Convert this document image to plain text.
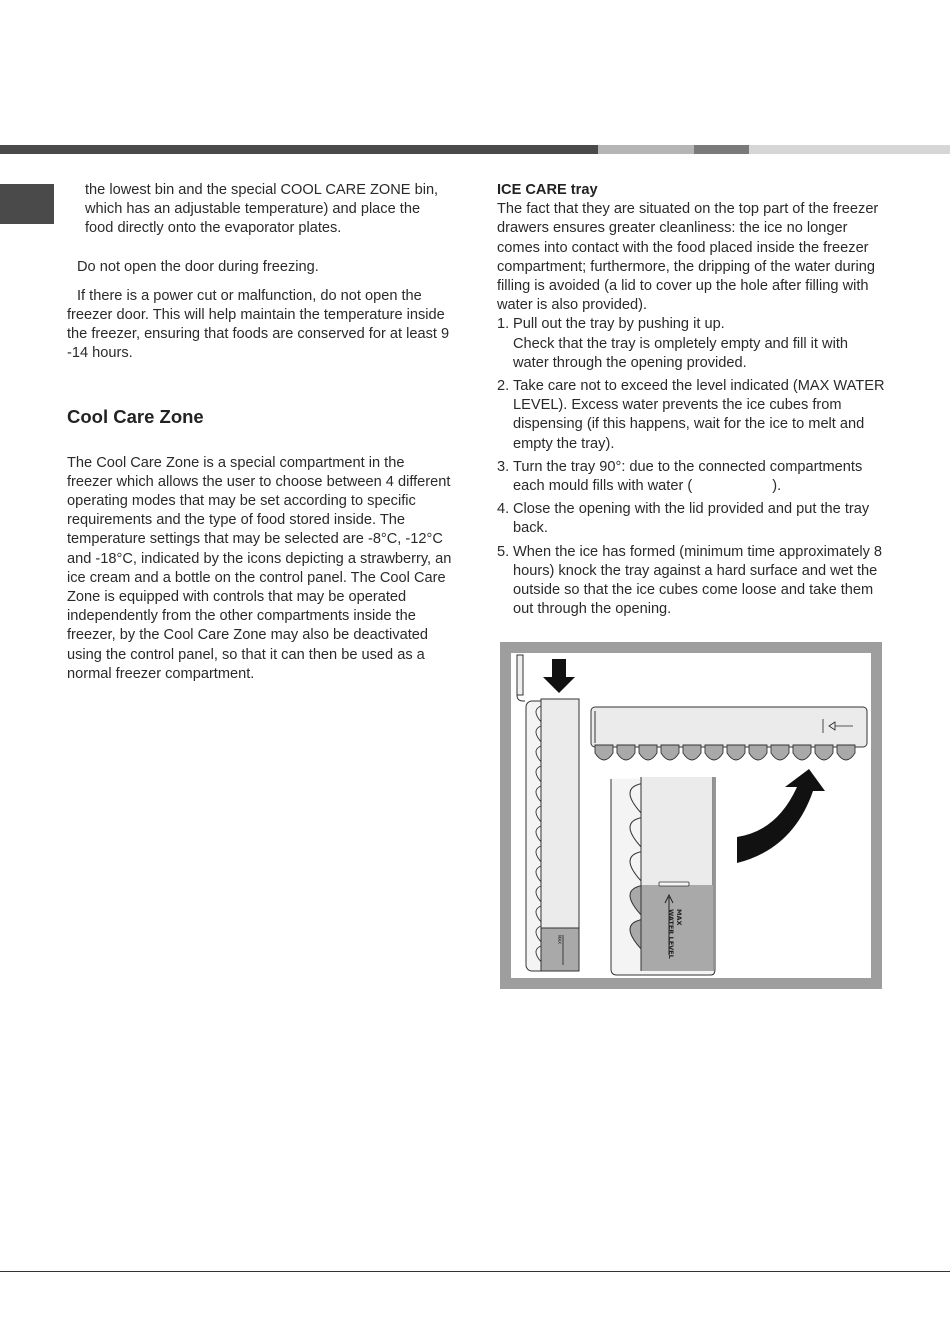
the lowest bin and the special COOL CARE ZONE bin, which has an adjustable temperature) and place the food directly onto the evaporator plates.

Do not open the door during freezing.

If there is a power cut or malfunction, do not open the freezer door. This will help maintain the temperature inside the freezer, ensuring that foods are conserved for at least 9 -14 hours.

Cool Care Zone

The Cool Care Zone is a special compartment in the freezer which allows the user to choose between 4 different operating modes that may be set according to specific requirements and the type of food stored inside. The temperature settings that may be selected are -8°C, -12°C and -18°C, indicated by the icons depicting a strawberry, an ice cream and a bottle on the control panel. The Cool Care Zone is equipped with controls that may be operated independently from the other compartments inside the freezer, by the Cool Care Zone may also be deactivated using the control panel, so that it can then be used as a normal freezer compartment.

ICE CARE tray

The fact that they are situated on the top part of the freezer drawers ensures greater cleanliness: the ice no longer comes into contact with the food placed inside the freezer compartment; furthermore, the dripping of the water during filling is avoided (a lid to cover up the hole after filling with water is also provided).

1. Pull out the tray by pushing it up.
Check that the tray is ompletely empty and fill it with water through the opening provided.
2. Take care not to exceed the level indicated (MAX WATER LEVEL). Excess water prevents the ice cubes from dispensing (if this happens, wait for the ice to melt and empty the tray).
3. Turn the tray 90°: due to the connected compartments each mould fills with water (	).
4. Close the opening with the lid provided and put the tray back.
5. When the ice has formed (minimum time approximately 8 hours) knock the tray against a hard surface and wet the outside so that the ice cubes come loose and take them out through the opening.
MAX
MAX
WATER LEVEL
